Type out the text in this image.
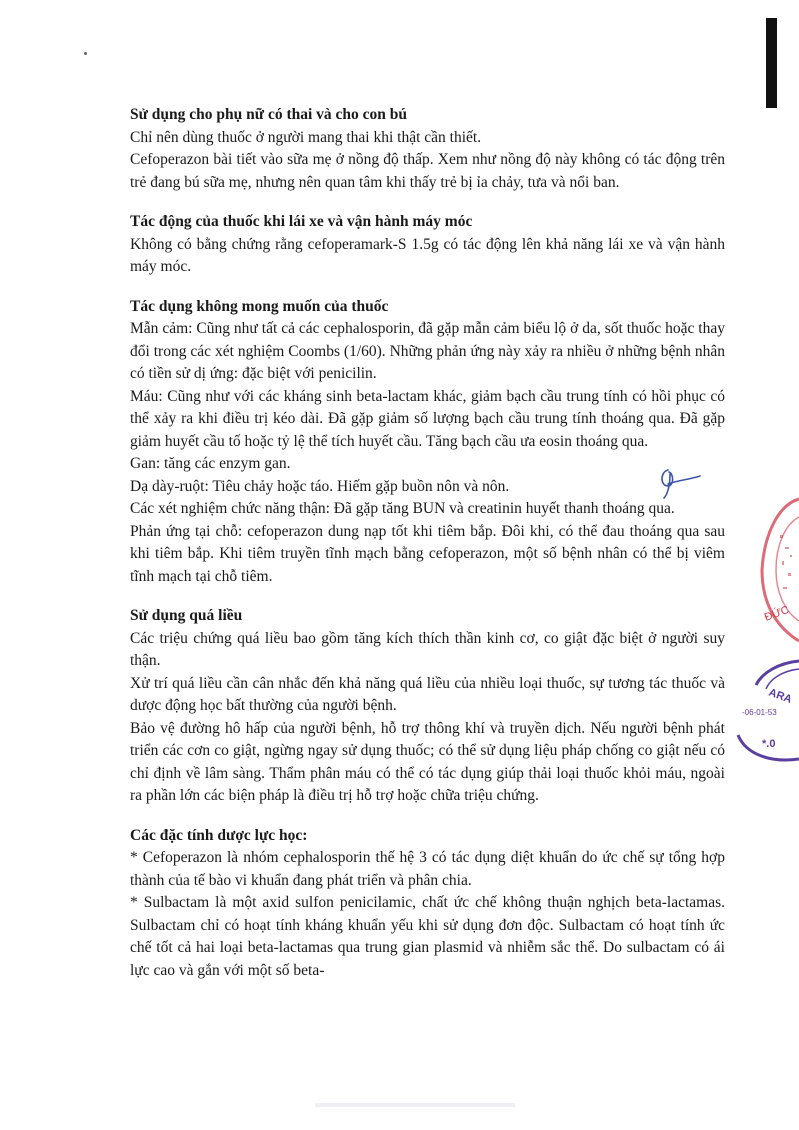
Sử dụng cho phụ nữ có thai và cho con bú

Chỉ nên dùng thuốc ở người mang thai khi thật cần thiết.

Cefoperazon bài tiết vào sữa mẹ ở nồng độ thấp. Xem như nồng độ này không có tác động trên trẻ đang bú sữa mẹ, nhưng nên quan tâm khi thấy trẻ bị ỉa chảy, tưa và nổi ban.

Tác động của thuốc khi lái xe và vận hành máy móc

Không có bằng chứng rằng cefoperamark-S 1.5g có tác động lên khả năng lái xe và vận hành máy móc.

Tác dụng không mong muốn của thuốc

Mẫn cảm: Cũng như tất cả các cephalosporin, đã gặp mẫn cảm biểu lộ ở da, sốt thuốc hoặc thay đổi trong các xét nghiệm Coombs (1/60). Những phản ứng này xảy ra nhiều ở những bệnh nhân có tiền sử dị ứng: đặc biệt với penicilin.

Máu: Cũng như với các kháng sinh beta-lactam khác, giảm bạch cầu trung tính có hồi phục có thể xảy ra khi điều trị kéo dài. Đã gặp giảm số lượng bạch cầu trung tính thoáng qua. Đã gặp giảm huyết cầu tố hoặc tỷ lệ thể tích huyết cầu. Tăng bạch cầu ưa eosin thoáng qua.

Gan: tăng các enzym gan.

Dạ dày-ruột: Tiêu chảy hoặc táo. Hiếm gặp buồn nôn và nôn.

Các xét nghiệm chức năng thận: Đã gặp tăng BUN và creatinin huyết thanh thoáng qua.

Phản ứng tại chỗ: cefoperazon dung nạp tốt khi tiêm bắp. Đôi khi, có thể đau thoáng qua sau khi tiêm bắp. Khi tiêm truyền tĩnh mạch bằng cefoperazon, một số bệnh nhân có thể bị viêm tĩnh mạch tại chỗ tiêm.

Sử dụng quá liều

Các triệu chứng quá liều bao gồm tăng kích thích thần kinh cơ, co giật đặc biệt ở người suy thận.

Xử trí quá liều cần cân nhắc đến khả năng quá liều của nhiều loại thuốc, sự tương tác thuốc và dược động học bất thường của người bệnh.

Bảo vệ đường hô hấp của người bệnh, hỗ trợ thông khí và truyền dịch. Nếu người bệnh phát triển các cơn co giật, ngừng ngay sử dụng thuốc; có thể sử dụng liệu pháp chống co giật nếu có chỉ định về lâm sàng. Thẩm phân máu có thể có tác dụng giúp thải loại thuốc khỏi máu, ngoài ra phần lớn các biện pháp là điều trị hỗ trợ hoặc chữa triệu chứng.

Các đặc tính dược lực học:

* Cefoperazon là nhóm cephalosporin thế hệ 3 có tác dụng diệt khuẩn do ức chế sự tổng hợp thành của tế bào vi khuẩn đang phát triển và phân chia.

* Sulbactam là một axid sulfon penicilamic, chất ức chế không thuận nghịch beta-lactamas. Sulbactam chỉ có hoạt tính kháng khuẩn yếu khi sử dụng đơn độc. Sulbactam có hoạt tính ức chế tốt cả hai loại beta-lactamas qua trung gian plasmid và nhiễm sắc thể. Do sulbactam có ái lực cao và gắn với một số beta-

ĐỨC
ARA
-06-01-53
*.0
